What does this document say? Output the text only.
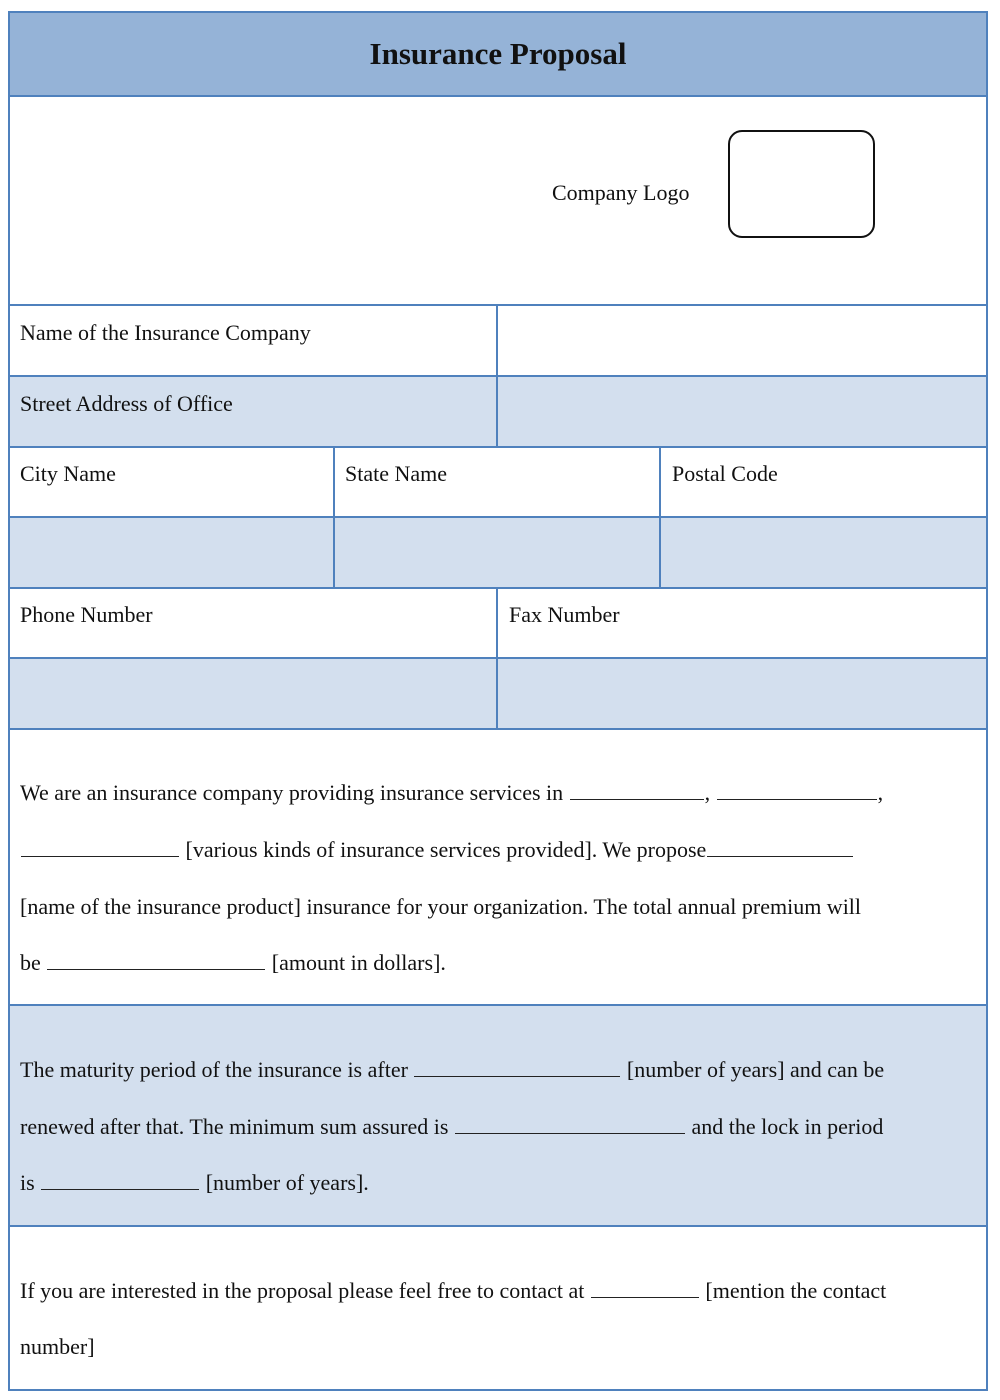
Insurance Proposal
Company Logo
Name of the Insurance Company
Street Address of Office
City Name	State Name	Postal Code
Phone Number	Fax Number
We are an insurance company providing insurance services in	,	,
[various kinds of insurance services provided]. We propose
[name of the insurance product] insurance for your organization. The total annual premium will
be	[amount in dollars].
The maturity period of the insurance is after	[number of years] and can be
renewed after that. The minimum sum assured is	and the lock in period
is	[number of years].
If you are interested in the proposal please feel free to contact at	[mention the contact
number]
